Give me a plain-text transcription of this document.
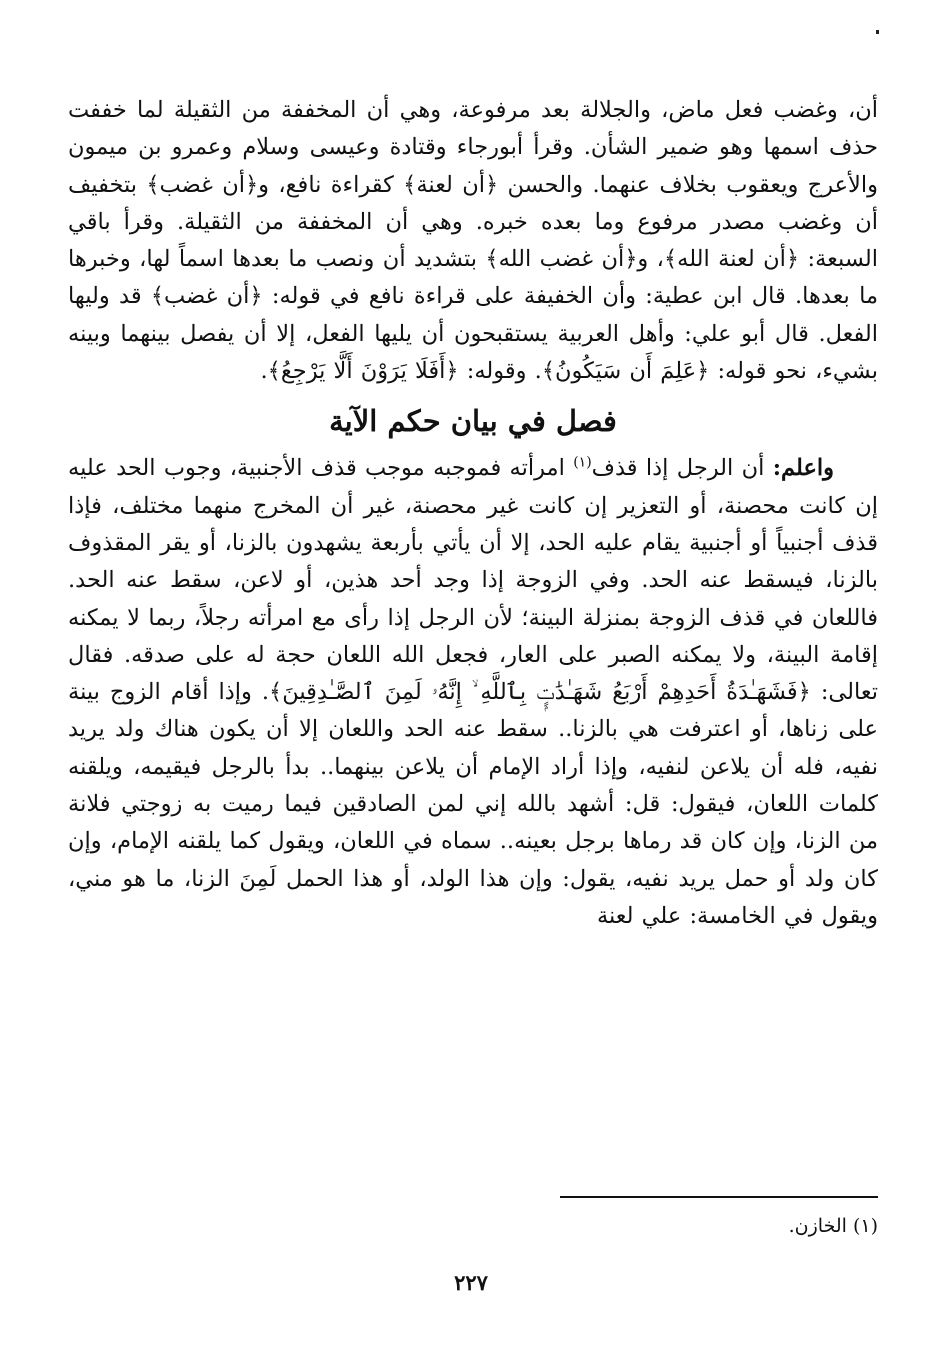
أن، وغضب فعل ماض، والجلالة بعد مرفوعة، وهي أن المخففة من الثقيلة لما خففت حذف اسمها وهو ضمير الشأن. وقرأ أبورجاء وقتادة وعيسى وسلام وعمرو بن ميمون والأعرج ويعقوب بخلاف عنهما. والحسن ﴿أن لعنة﴾ كقراءة نافع، و﴿أن غضب﴾ بتخفيف أن وغضب مصدر مرفوع وما بعده خبره. وهي أن المخففة من الثقيلة. وقرأ باقي السبعة: ﴿أن لعنة الله﴾، و﴿أن غضب الله﴾ بتشديد أن ونصب ما بعدها اسماً لها، وخبرها ما بعدها. قال ابن عطية: وأن الخفيفة على قراءة نافع في قوله: ﴿أن غضب﴾ قد وليها الفعل. قال أبو علي: وأهل العربية يستقبحون أن يليها الفعل، إلا أن يفصل بينهما وبينه بشيء، نحو قوله: ﴿عَلِمَ أَن سَيَكُونُ﴾. وقوله: ﴿أَفَلَا يَرَوْنَ أَلَّا يَرْجِعُ﴾.

فصل في بيان حكم الآية

واعلم: أن الرجل إذا قذف$^{(١)}$ امرأته فموجبه موجب قذف الأجنبية، وجوب الحد عليه إن كانت محصنة، أو التعزير إن كانت غير محصنة، غير أن المخرج منهما مختلف، فإذا قذف أجنبياً أو أجنبية يقام عليه الحد، إلا أن يأتي بأربعة يشهدون بالزنا، أو يقر المقذوف بالزنا، فيسقط عنه الحد. وفي الزوجة إذا وجد أحد هذين، أو لاعن، سقط عنه الحد. فاللعان في قذف الزوجة بمنزلة البينة؛ لأن الرجل إذا رأى مع امرأته رجلاً، ربما لا يمكنه إقامة البينة، ولا يمكنه الصبر على العار، فجعل الله اللعان حجة له على صدقه. فقال تعالى: ﴿فَشَهَـٰدَةُ أَحَدِهِمْ أَرْبَعُ شَهَـٰدَٰتٍۭ بِٱللَّهِ ۙ إِنَّهُۥ لَمِنَ ٱلصَّـٰدِقِينَ﴾. وإذا أقام الزوج بينة على زناها، أو اعترفت هي بالزنا.. سقط عنه الحد واللعان إلا أن يكون هناك ولد يريد نفيه، فله أن يلاعن لنفيه، وإذا أراد الإمام أن يلاعن بينهما.. بدأ بالرجل فيقيمه، ويلقنه كلمات اللعان، فيقول: قل: أشهد بالله إني لمن الصادقين فيما رميت به زوجتي فلانة من الزنا، وإن كان قد رماها برجل بعينه.. سماه في اللعان، ويقول كما يلقنه الإمام، وإن كان ولد أو حمل يريد نفيه، يقول: وإن هذا الولد، أو هذا الحمل لَمِنَ الزنا، ما هو مني، ويقول في الخامسة: علي لعنة

(١) الخازن.
٢٢٧
